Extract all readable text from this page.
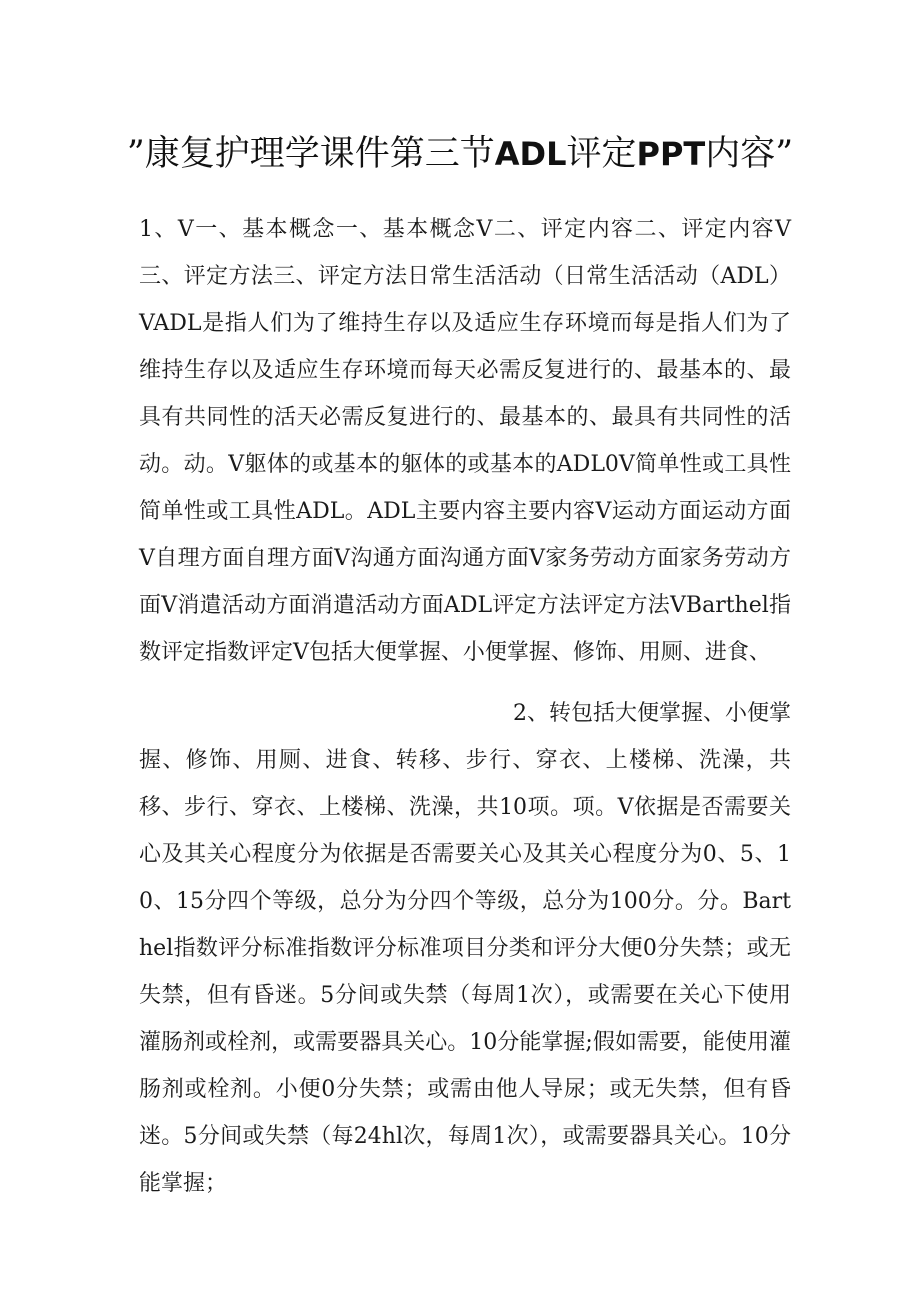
”康复护理学课件第三节ADL评定PPT内容”
1、V一、基本概念一、基本概念V二、评定内容二、评定内容V三、评定方法三、评定方法日常生活活动（日常生活活动（ADL）VADL是指人们为了维持生存以及适应生存环境而每是指人们为了维持生存以及适应生存环境而每天必需反复进行的、最基本的、最具有共同性的活天必需反复进行的、最基本的、最具有共同性的活动。动。V躯体的或基本的躯体的或基本的ADL0V简单性或工具性简单性或工具性ADL。ADL主要内容主要内容V运动方面运动方面V自理方面自理方面V沟通方面沟通方面V家务劳动方面家务劳动方面V消遣活动方面消遣活动方面ADL评定方法评定方法VBarthel指数评定指数评定V包括大便掌握、小便掌握、修饰、用厕、进食、
2、转包括大便掌握、小便掌
握、修饰、用厕、进食、转移、步行、穿衣、上楼梯、洗澡，共移、步行、穿衣、上楼梯、洗澡，共10项。项。V依据是否需要关心及其关心程度分为依据是否需要关心及其关心程度分为0、5、10、15分四个等级，总分为分四个等级，总分为100分。分。Barthel指数评分标准指数评分标准项目分类和评分大便0分失禁；或无失禁，但有昏迷。5分间或失禁（每周1次），或需要在关心下使用灌肠剂或栓剂，或需要器具关心。10分能掌握;假如需要，能使用灌肠剂或栓剂。小便0分失禁；或需由他人导尿；或无失禁，但有昏迷。5分间或失禁（每24hl次，每周1次），或需要器具关心。10分能掌握；
